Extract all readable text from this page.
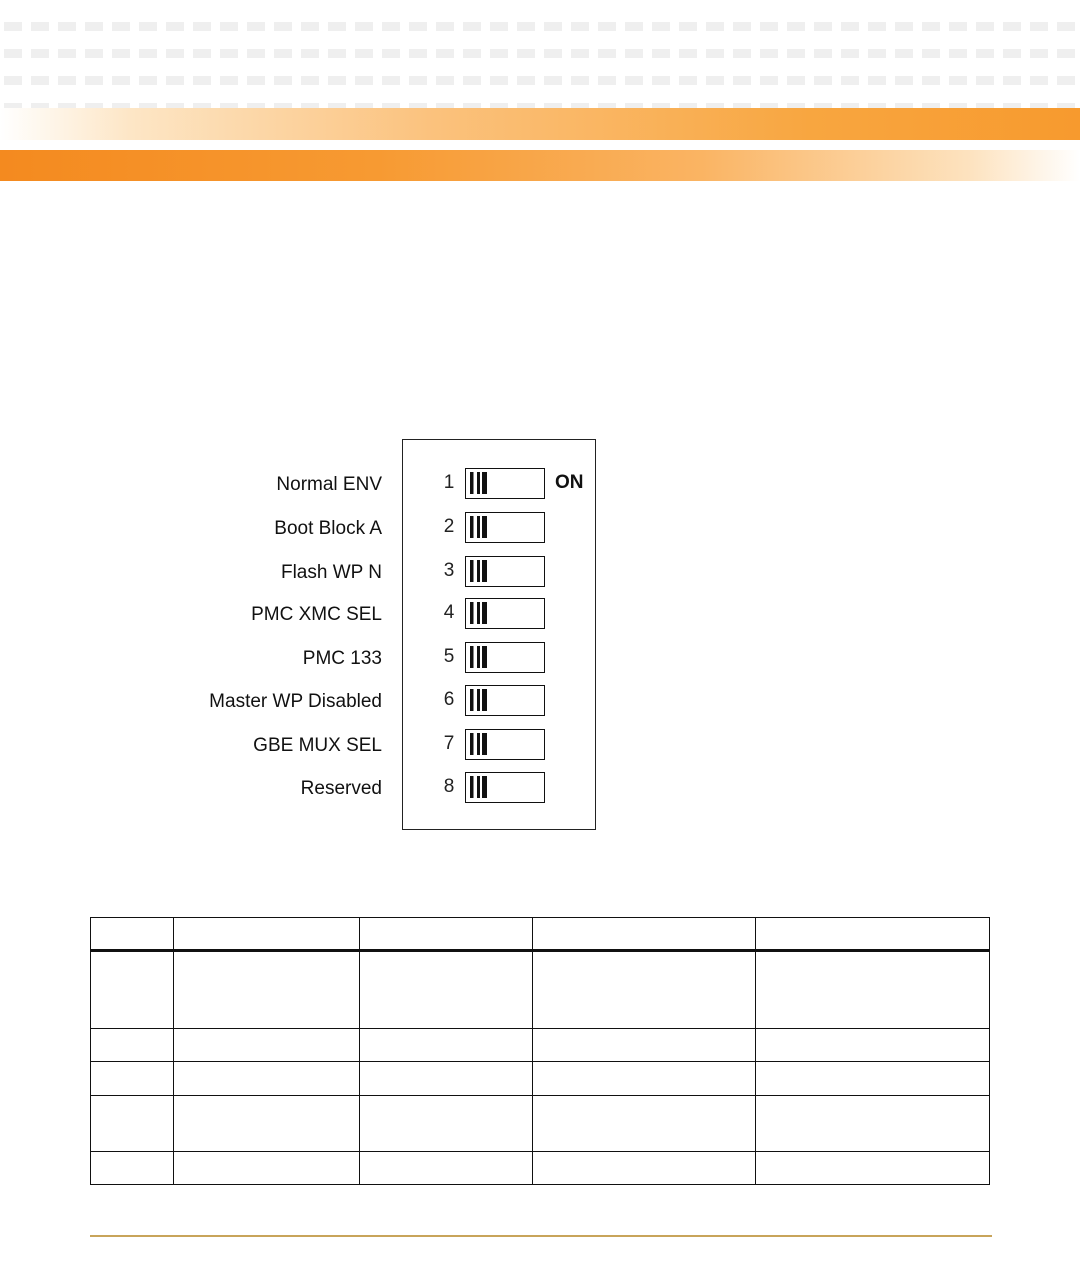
ON
Normal ENV	1
Boot Block A	2
Flash WP N	3
PMC XMC SEL	4
PMC 133	5
Master WP Disabled	6
GBE MUX SEL	7
Reserved	8
